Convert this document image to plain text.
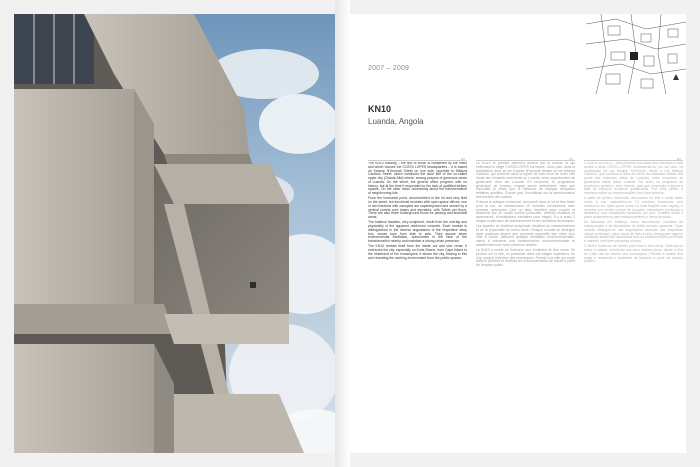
2007 – 2009
KN10
Luanda, Angola
EN	FR	ES

The KN10 building – the first of which is completed by the office and which houses the COSTA LOPES headquarters – it is based on Kwame N'Krumah Street on one side, opposite to Mistura Cardoso Street, which continues the slum line of the so-called upper city (Cidade Alta) where, among prayers of generous views of Luanda. On the street, the generic office program, with no history, but at the time it responded to the lack of qualified tertiary spaces. On the other hand, uncertainty about the transformation of neighbouring lots.

From the horizontal point, circumscribed in the lot and very fluid on the street, ten functional modules with open-space offices, one or two fractions with canopied are superimposed and served by a vertical central core (stairs and elevators, with Toilets per floor). There are also three underground floors for parking and technical areas.

The balance facades, very sculptural, result from the overlap and physicality of the apparent reinforced concrete. Each module is distinguished in the diverse angulations of the respective deep box, whose tops from side to side. They assure some environmental mediation, autonomies in the face of the transformation nearby and maintain a strong urban presence.

The KN10 reveals itself from the inside out and vice versa. It overlooks the city, especially on Kuhe Ravne, from Cape Island to the hinterland of the musseques, it allows the city, flowing in this and revealing the working environment from the public spaces.

Le KN10 le premier bâtiment achevé par le bureau et qui enfermant le siège COSTA LOPES est basée, d'une part, dans la localisation dans la rue Kwame N'Krumah devant la rue Mistura Cardoso, qui continue dans la lignée de bois ruiné de notre ville haute des minarets ornements de Luanda, entre superbement de générosité vues sur Luanda. En revanche, le programme générique de bureau, n'ayant aucun antécédent, mais que répondait, je dirais que, à l'absence de manque d'espaces tertiaires qualifiés. D'autre part, l'incertitude sur la transformation des terrains des voisins.

D'abord le portique horizontal, circonscrit dans le lot et très fluide pour la rue, se chevauchent 10 modules fonctionnels avec bureaux openspace (une ou deux fractions avec coupés et desservis par un noyau central (d'escalier, vertical) escaliers et ascenseurs, d'installations sanitaires pour étage). Il y a aussi 3 étages souterrains de stationnement et des domaines techniques.

Les façades se révèlent sculpturale résultant du chevauchement et de la physicalité du béton armé. Chaque module se distingue dans plusieurs angles des sommets respectifs des côtés d'un côté à l'autre, assurent quelque médiation environnementale, visent à maintenir une transformation environnementale et maintiennent une forte présence urbaine.

Le KN10 a révélé de l'intérieur vers l'extérieur et vice versa. Se penche sur la ville, en particulier dans ses étages supérieurs, de Cap jusqu'à l'intérieur des musseques. Permet à la ville qui coule dans le présent et révélant les environnements de travail à partir de l'espace public.

O EDIFÍCIO KN10 – obra primeira concluída pelo escritório e que acolhe a sede COSTA LOPES, fundamenta-se, por um lado, na localização na rua Kwame N'Krumah, frente à rua Mistura Cardoso, que continua a linha de bairro da chamada cidade alta (onde das inúmeras vistas de Luanda), entre respostas de generosas vistas sobre Luanda. Por outro, no programa de escritórios genérico, sem história, mas que respondia à época à falta de espaços terciários qualificados. Por outro ainda, a incerteza sobre as transformações dos lotes vizinhos.

A partir do pórtico horizontal, circunscrito no lote e muito fluido sobre a rua, sobrepõem-se 10 módulos funcionais com escritórios em open-space (uma ou duas frações com copas), e servidos por núcleo central de escadas, elevadores (verticais) e sanitários, com instalações sanitárias por piso. Existem ainda 3 pisos subterrâneos para estacionamento e áreas técnicas.

As fachadas em balanço, muito escultóricas, resultam da sobreposição e da fisicalidade do betão armado aparente. Cada módulo distingue-se nas angulações diversas das respetivas caixas profundas, cujos topos de lado a lado. Asseguram alguma mediação ambiental, autonomia face às transformações próximas e mantêm uma forte presença urbana.

O KN10 revela-se de dentro para fora e vice-versa. Debruça-se sobre a cidade, sobretudo nos seus últimos pisos, desde a Ilha do Cabo até ao interior dos musseques. Permite à cidade fluir neste e revelando o ambiente de trabalho a partir do espaço público.
